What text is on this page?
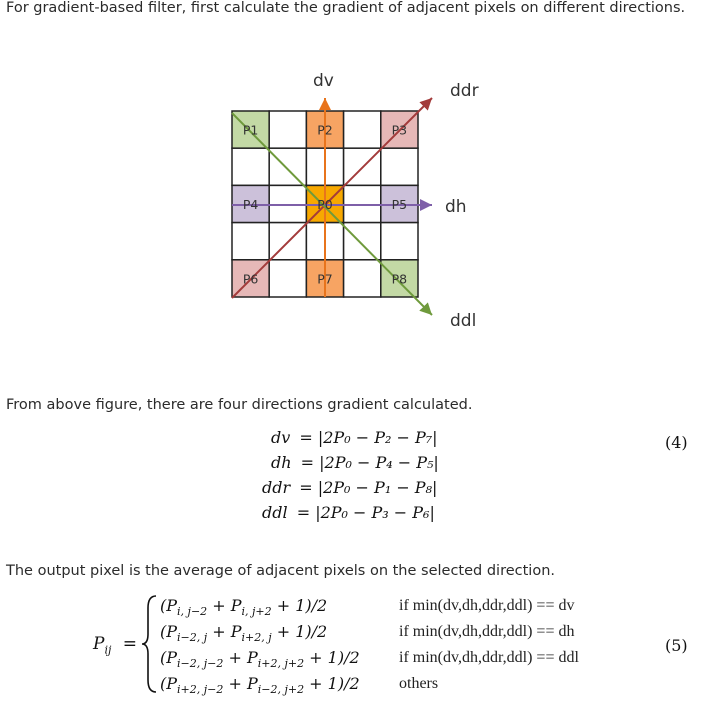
For gradient-based filter, first calculate the gradient of adjacent pixels on different directions.
P1	P2	P3
P4	P0	P5
P6	P7	P8
dv	ddr
dh
ddl
From above figure, there are four directions gradient calculated.
dv = |2P₀ − P₂ − P₇|
dh = |2P₀ − P₄ − P₅|
ddr = |2P₀ − P₁ − P₈|
ddl = |2P₀ − P₃ − P₆|
(4)
The output pixel is the average of adjacent pixels on the selected direction.
$P_{ij}$ =
$(P_{i, j-2} + P_{i, j+2} + 1)/2$	if min(dv,dh,ddr,ddl) == dv
$(P_{i-2, j} + P_{i+2, j} + 1)/2$	if min(dv,dh,ddr,ddl) == dh
$(P_{i-2, j-2} + P_{i+2, j+2} + 1)/2$ if min(dv,dh,ddr,ddl) == ddl
$(P_{i+2, j-2} + P_{i-2, j+2} + 1)/2$ others
(5)
